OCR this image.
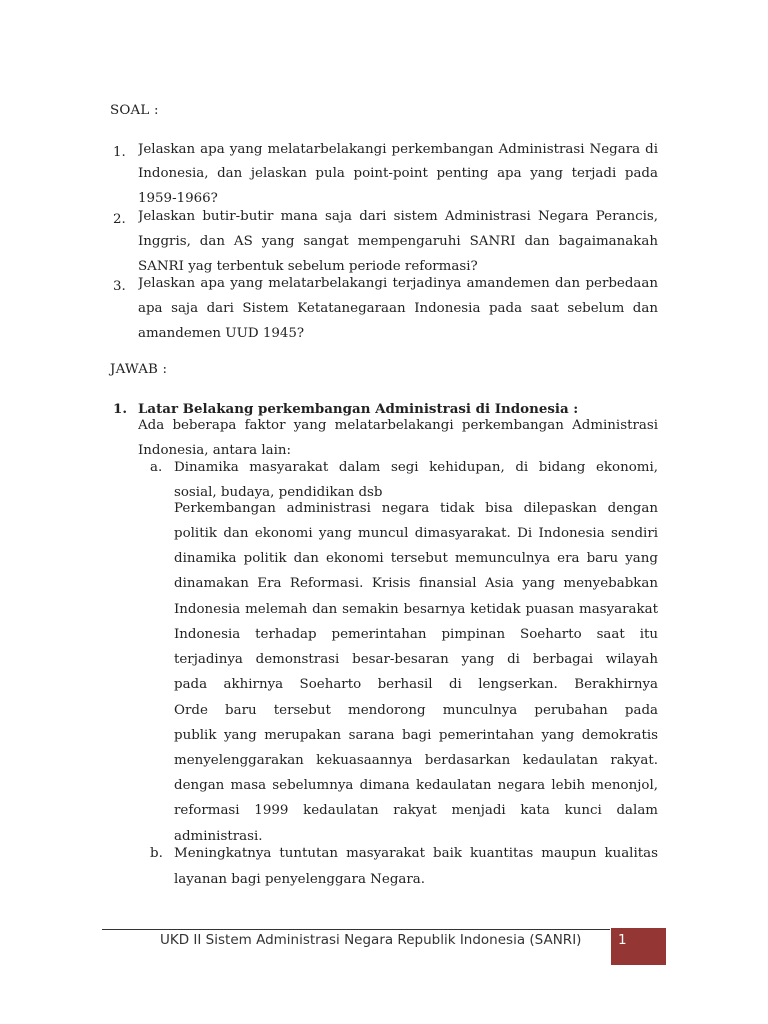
SOAL :
1. Jelaskan apa yang melatarbelakangi perkembangan Administrasi Negara di
Indonesia, dan jelaskan pula point-point penting apa yang terjadi pada
1959-1966?
2. Jelaskan butir-butir mana saja dari sistem Administrasi Negara Perancis,
Inggris, dan AS yang sangat mempengaruhi SANRI dan bagaimanakah
SANRI yag terbentuk sebelum periode reformasi?
3. Jelaskan apa yang melatarbelakangi terjadinya amandemen dan perbedaan
apa saja dari Sistem Ketatanegaraan Indonesia pada saat sebelum dan
amandemen UUD 1945?
JAWAB :
1. Latar Belakang perkembangan Administrasi di Indonesia :
Ada beberapa faktor yang melatarbelakangi perkembangan Administrasi
Indonesia, antara lain:
a. Dinamika masyarakat dalam segi kehidupan, di bidang ekonomi,
sosial, budaya, pendidikan dsb
Perkembangan administrasi negara tidak bisa dilepaskan dengan
politik dan ekonomi yang muncul dimasyarakat. Di Indonesia sendiri
dinamika politik dan ekonomi tersebut memunculnya era baru yang
dinamakan Era Reformasi. Krisis finansial Asia yang menyebabkan
Indonesia melemah dan semakin besarnya ketidak puasan masyarakat
Indonesia terhadap pemerintahan pimpinan Soeharto saat itu
terjadinya demonstrasi besar-besaran yang di berbagai wilayah
pada akhirnya Soeharto berhasil di lengserkan. Berakhirnya
Orde baru tersebut mendorong munculnya perubahan pada
publik yang merupakan sarana bagi pemerintahan yang demokratis
menyelenggarakan kekuasaannya berdasarkan kedaulatan rakyat.
dengan masa sebelumnya dimana kedaulatan negara lebih menonjol,
reformasi 1999 kedaulatan rakyat menjadi kata kunci dalam
administrasi.
b. Meningkatnya tuntutan masyarakat baik kuantitas maupun kualitas
layanan bagi penyelenggara Negara.
UKD II Sistem Administrasi Negara Republik Indonesia (SANRI)	1
